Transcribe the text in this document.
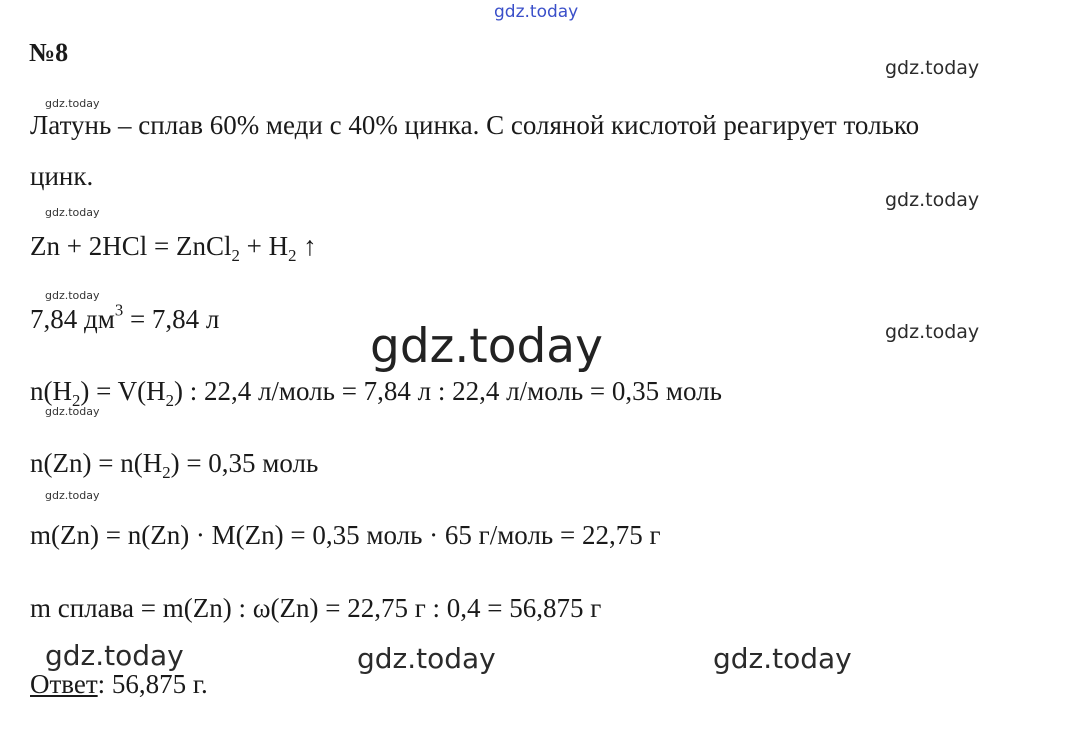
gdz.today
gdz.today
gdz.today
gdz.today
gdz.today
gdz.today
gdz.today
gdz.today
gdz.today
gdz.today
gdz.today	gdz.today	gdz.today
№8
Латунь – сплав 60% меди с 40% цинка. С соляной кислотой реагирует только
цинк.
Zn + 2HCl = ZnCl$_2$ + $H_2$ ↑
7,84 $дм^3 = 7,84$ л
$n(H_2) = V(H_2)$ : 22,4 л/моль = 7,84 л : 22,4 л/моль = 0,35 моль
$n(Zn) = n(H_2) = 0,35$ моль
m(Zn) = n(Zn) · M(Zn) = 0,35 моль · 65 г/моль = 22,75 г
m сплава = m(Zn) : ω(Zn) = 22,75 г : 0,4 = 56,875 г
Ответ: 56,875 г.
